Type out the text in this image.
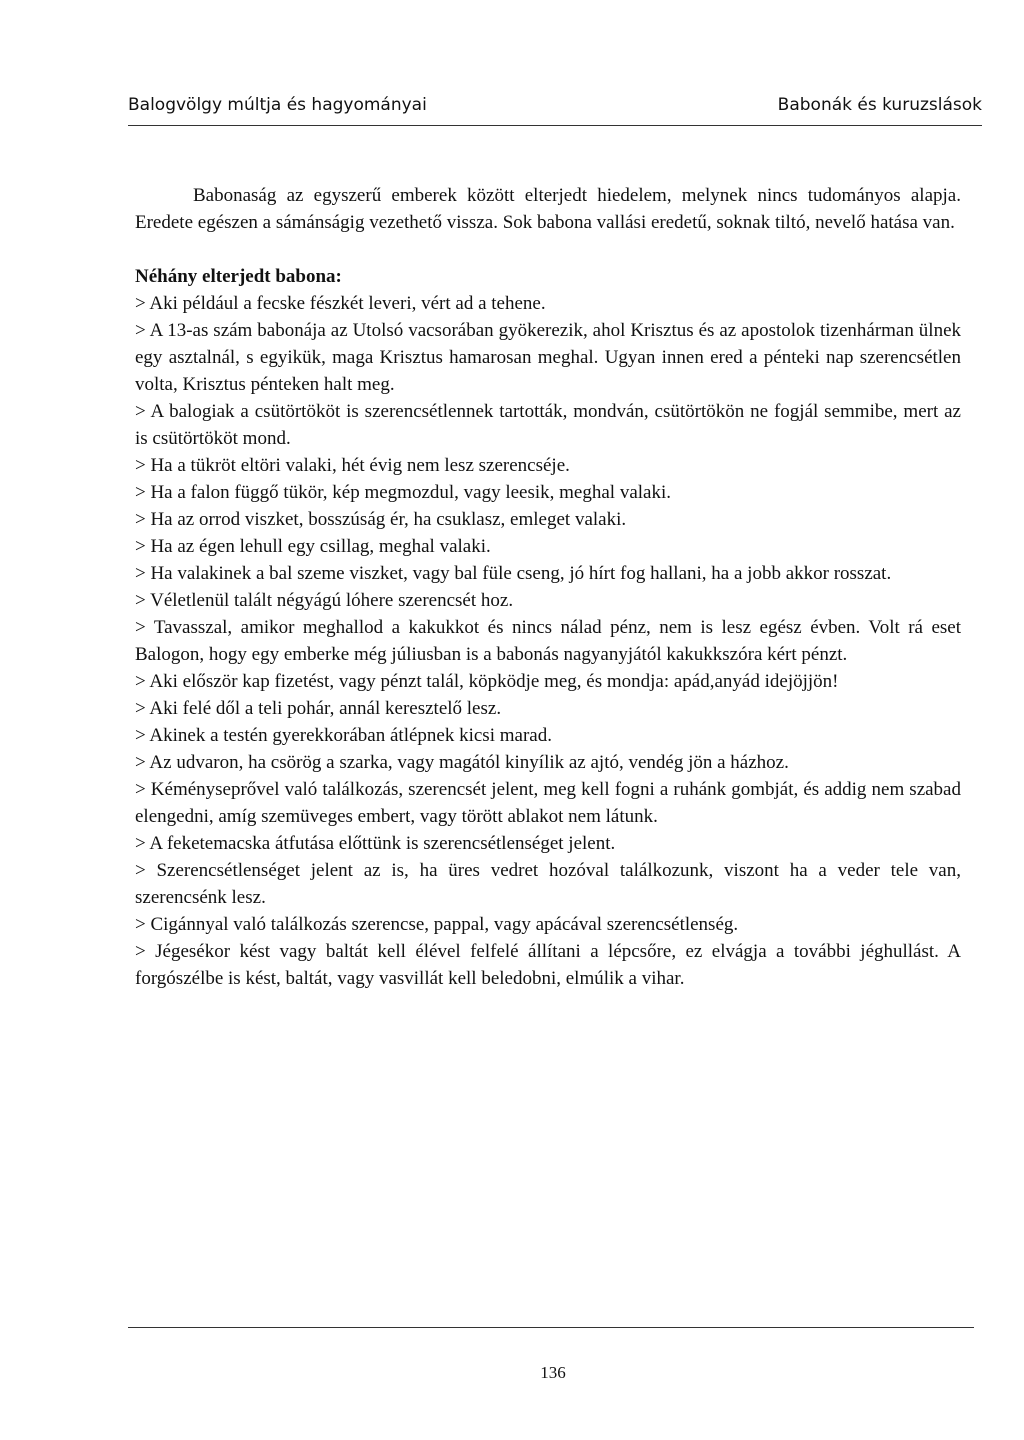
Balogvölgy múltja és hagyományai	Babonák és kuruzslások

Babonaság az egyszerű emberek között elterjedt hiedelem, melynek nincs tudományos alapja. Eredete egészen a sámánságig vezethető vissza. Sok babona vallási eredetű, soknak tiltó, nevelő hatása van.

Néhány elterjedt babona:

> Aki például a fecske fészkét leveri, vért ad a tehene.

> A 13-as szám babonája az Utolsó vacsorában gyökerezik, ahol Krisztus és az apostolok tizenhárman ülnek egy asztalnál, s egyikük, maga Krisztus hamarosan meghal. Ugyan innen ered a pénteki nap szerencsétlen volta, Krisztus pénteken halt meg.

> A balogiak a csütörtököt is szerencsétlennek tartották, mondván, csütörtökön ne fogjál semmibe, mert az is csütörtököt mond.

> Ha a tükröt eltöri valaki, hét évig nem lesz szerencséje.

> Ha a falon függő tükör, kép megmozdul, vagy leesik, meghal valaki.

> Ha az orrod viszket, bosszúság ér, ha csuklasz, emleget valaki.

> Ha az égen lehull egy csillag, meghal valaki.

> Ha valakinek a bal szeme viszket, vagy bal füle cseng, jó hírt fog hallani, ha a jobb akkor rosszat.

> Véletlenül talált négyágú lóhere szerencsét hoz.

> Tavasszal, amikor meghallod a kakukkot és nincs nálad pénz, nem is lesz egész évben. Volt rá eset Balogon, hogy egy emberke még júliusban is a babonás nagyanyjától kakukkszóra kért pénzt.

> Aki először kap fizetést, vagy pénzt talál, köpködje meg, és mondja: apád,anyád idejöjjön!

> Aki felé dől a teli pohár, annál keresztelő lesz.

> Akinek a testén gyerekkorában átlépnek kicsi marad.

> Az udvaron, ha csörög a szarka, vagy magától kinyílik az ajtó, vendég jön a házhoz.

> Kéményseprővel való találkozás, szerencsét jelent, meg kell fogni a ruhánk gombját, és addig nem szabad elengedni, amíg szemüveges embert, vagy törött ablakot nem látunk.

> A feketemacska átfutása előttünk is szerencsétlenséget jelent.

> Szerencsétlenséget jelent az is, ha üres vedret hozóval találkozunk, viszont ha a veder tele van, szerencsénk lesz.

> Cigánnyal való találkozás szerencse, pappal, vagy apácával szerencsétlenség.

> Jégesékor kést vagy baltát kell élével felfelé állítani a lépcsőre, ez elvágja a további jéghullást. A forgószélbe is kést, baltát, vagy vasvillát kell beledobni, elmúlik a vihar.

136
